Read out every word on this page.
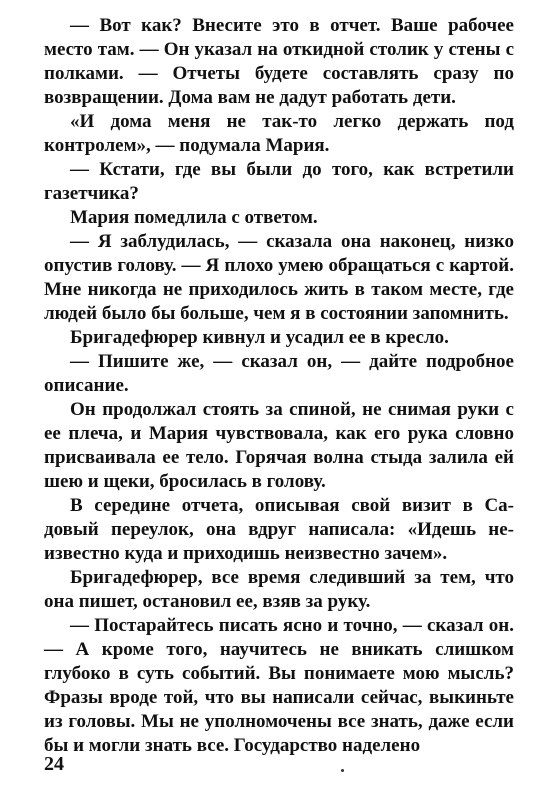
— Вот как? Внесите это в отчет. Ваше рабочее место там. — Он указал на откидной столик у стены с полками. — Отчеты будете составлять сразу по возвращении. Дома вам не дадут работать дети.

«И дома меня не так-то легко держать под контролем», — подумала Мария.

— Кстати, где вы были до того, как встретили газетчика?

Мария помедлила с ответом.

— Я заблудилась, — сказала она наконец, низко опустив голову. — Я плохо умею обращаться с картой. Мне никогда не приходилось жить в таком месте, где людей было бы больше, чем я в состоянии запомнить.

Бригадефюрер кивнул и усадил ее в кресло.

— Пишите же, — сказал он, — дайте подробное описание.

Он продолжал стоять за спиной, не снимая руки с ее плеча, и Мария чувствовала, как его рука словно присваивала ее тело. Горячая волна стыда залила ей шею и щеки, бросилась в голову.

В середине отчета, описывая свой визит в Садовый переулок, она вдруг написала: «Идешь неизвестно куда и приходишь неизвестно зачем».

Бригадефюрер, все время следивший за тем, что она пишет, остановил ее, взяв за руку.

— Постарайтесь писать ясно и точно, — сказал он. — А кроме того, научитесь не вникать слишком глубоко в суть событий. Вы понимаете мою мысль? Фразы вроде той, что вы написали сейчас, выкиньте из головы. Мы не уполномочены все знать, даже если бы и могли знать все. Государство наделено

24
